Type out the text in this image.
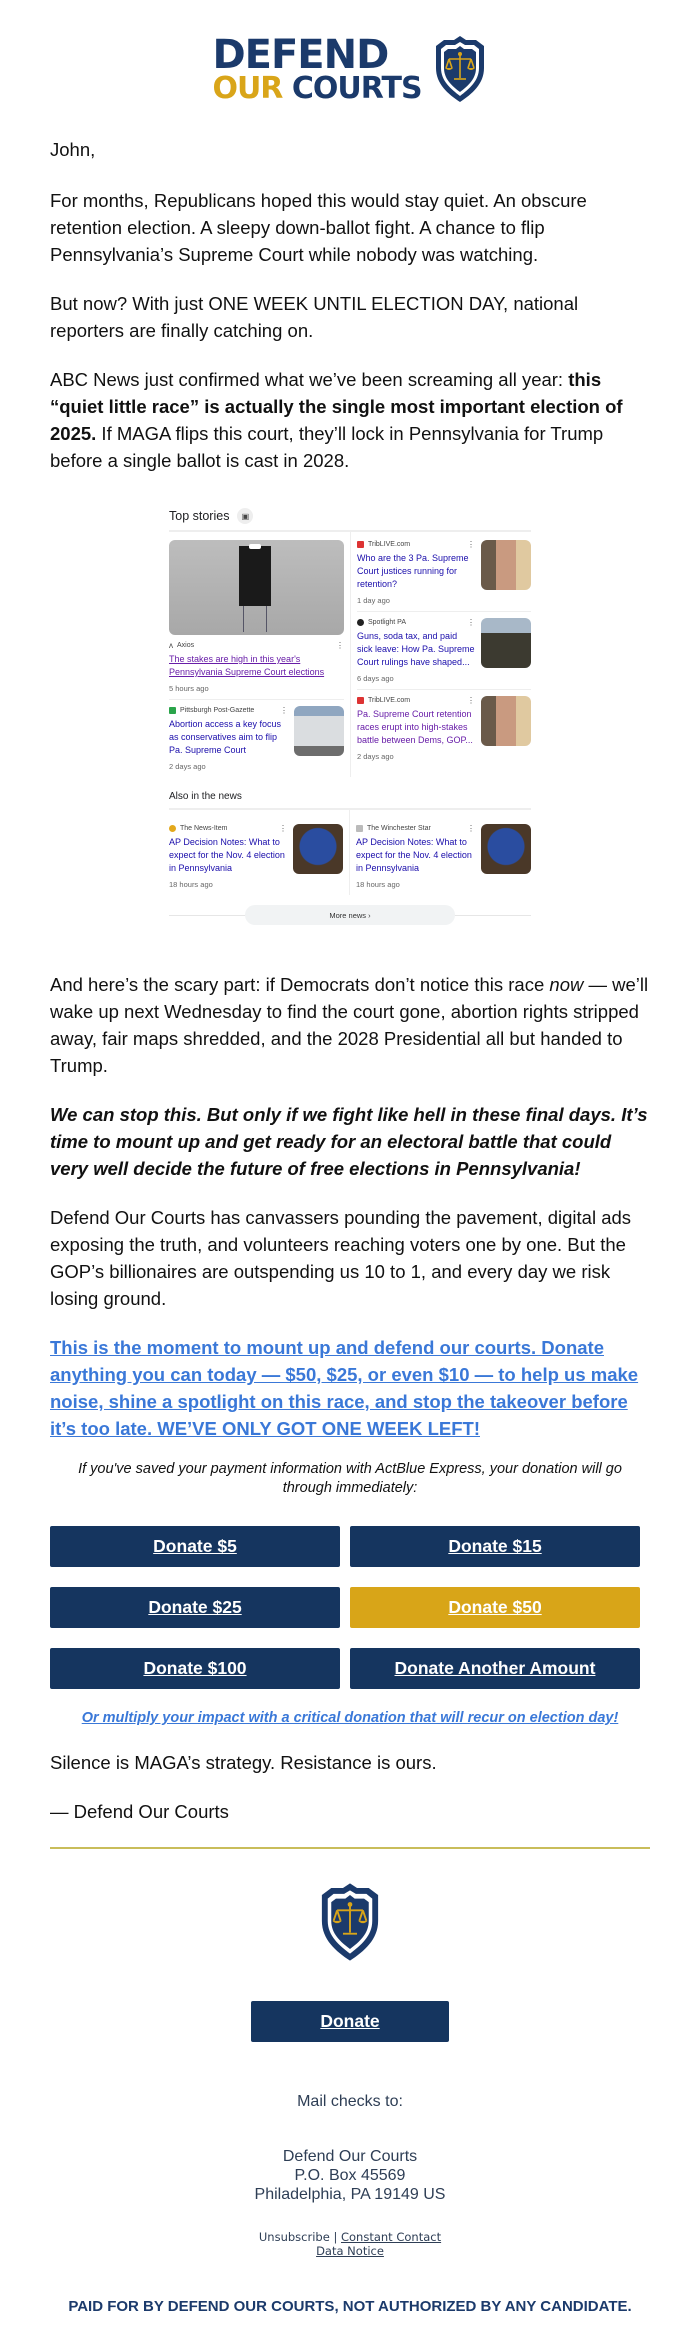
DEFEND
OUR COURTS

John,

For months, Republicans hoped this would stay quiet. An obscure retention election. A sleepy down-ballot fight. A chance to flip Pennsylvania’s Supreme Court while nobody was watching.

But now? With just ONE WEEK UNTIL ELECTION DAY, national reporters are finally catching on.

ABC News just confirmed what we’ve been screaming all year: this “quiet little race” is actually the single most important election of 2025. If MAGA flips this court, they’ll lock in Pennsylvania for Trump before a single ballot is cast in 2028.

Top stories	▣
ᴧ Axios	⋮
The stakes are high in this year's Pennsylvania Supreme Court elections
5 hours ago
Pittsburgh Post-Gazette	⋮
Abortion access a key focus as conservatives aim to flip Pa. Supreme Court
2 days ago
TribLIVE.com	⋮
Who are the 3 Pa. Supreme Court justices running for retention?
1 day ago
Spotlight PA	⋮
Guns, soda tax, and paid sick leave: How Pa. Supreme Court rulings have shaped...
6 days ago
TribLIVE.com	⋮
Pa. Supreme Court retention races erupt into high-stakes battle between Dems, GOP...
2 days ago
Also in the news
The News-Item	⋮
AP Decision Notes: What to expect for the Nov. 4 election in Pennsylvania
18 hours ago
The Winchester Star	⋮
AP Decision Notes: What to expect for the Nov. 4 election in Pennsylvania
18 hours ago
More news ›

And here’s the scary part: if Democrats don’t notice this race now — we’ll wake up next Wednesday to find the court gone, abortion rights stripped away, fair maps shredded, and the 2028 Presidential all but handed to Trump.

We can stop this. But only if we fight like hell in these final days. It’s time to mount up and get ready for an electoral battle that could very well decide the future of free elections in Pennsylvania!

Defend Our Courts has canvassers pounding the pavement, digital ads exposing the truth, and volunteers reaching voters one by one. But the GOP’s billionaires are outspending us 10 to 1, and every day we risk losing ground.

This is the moment to mount up and defend our courts. Donate anything you can today — $50, $25, or even $10 — to help us make noise, shine a spotlight on this race, and stop the takeover before it’s too late. WE’VE ONLY GOT ONE WEEK LEFT!

If you've saved your payment information with ActBlue Express, your donation will go through immediately:

Donate $5	Donate $15
Donate $25	Donate $50
Donate $100	Donate Another Amount
Or multiply your impact with a critical donation that will recur on election day!

Silence is MAGA’s strategy. Resistance is ours.

— Defend Our Courts

Donate
Mail checks to:
Defend Our Courts
P.O. Box 45569
Philadelphia, PA 19149 US
Unsubscribe | Constant Contact
Data Notice
PAID FOR BY DEFEND OUR COURTS, NOT AUTHORIZED BY ANY CANDIDATE.
